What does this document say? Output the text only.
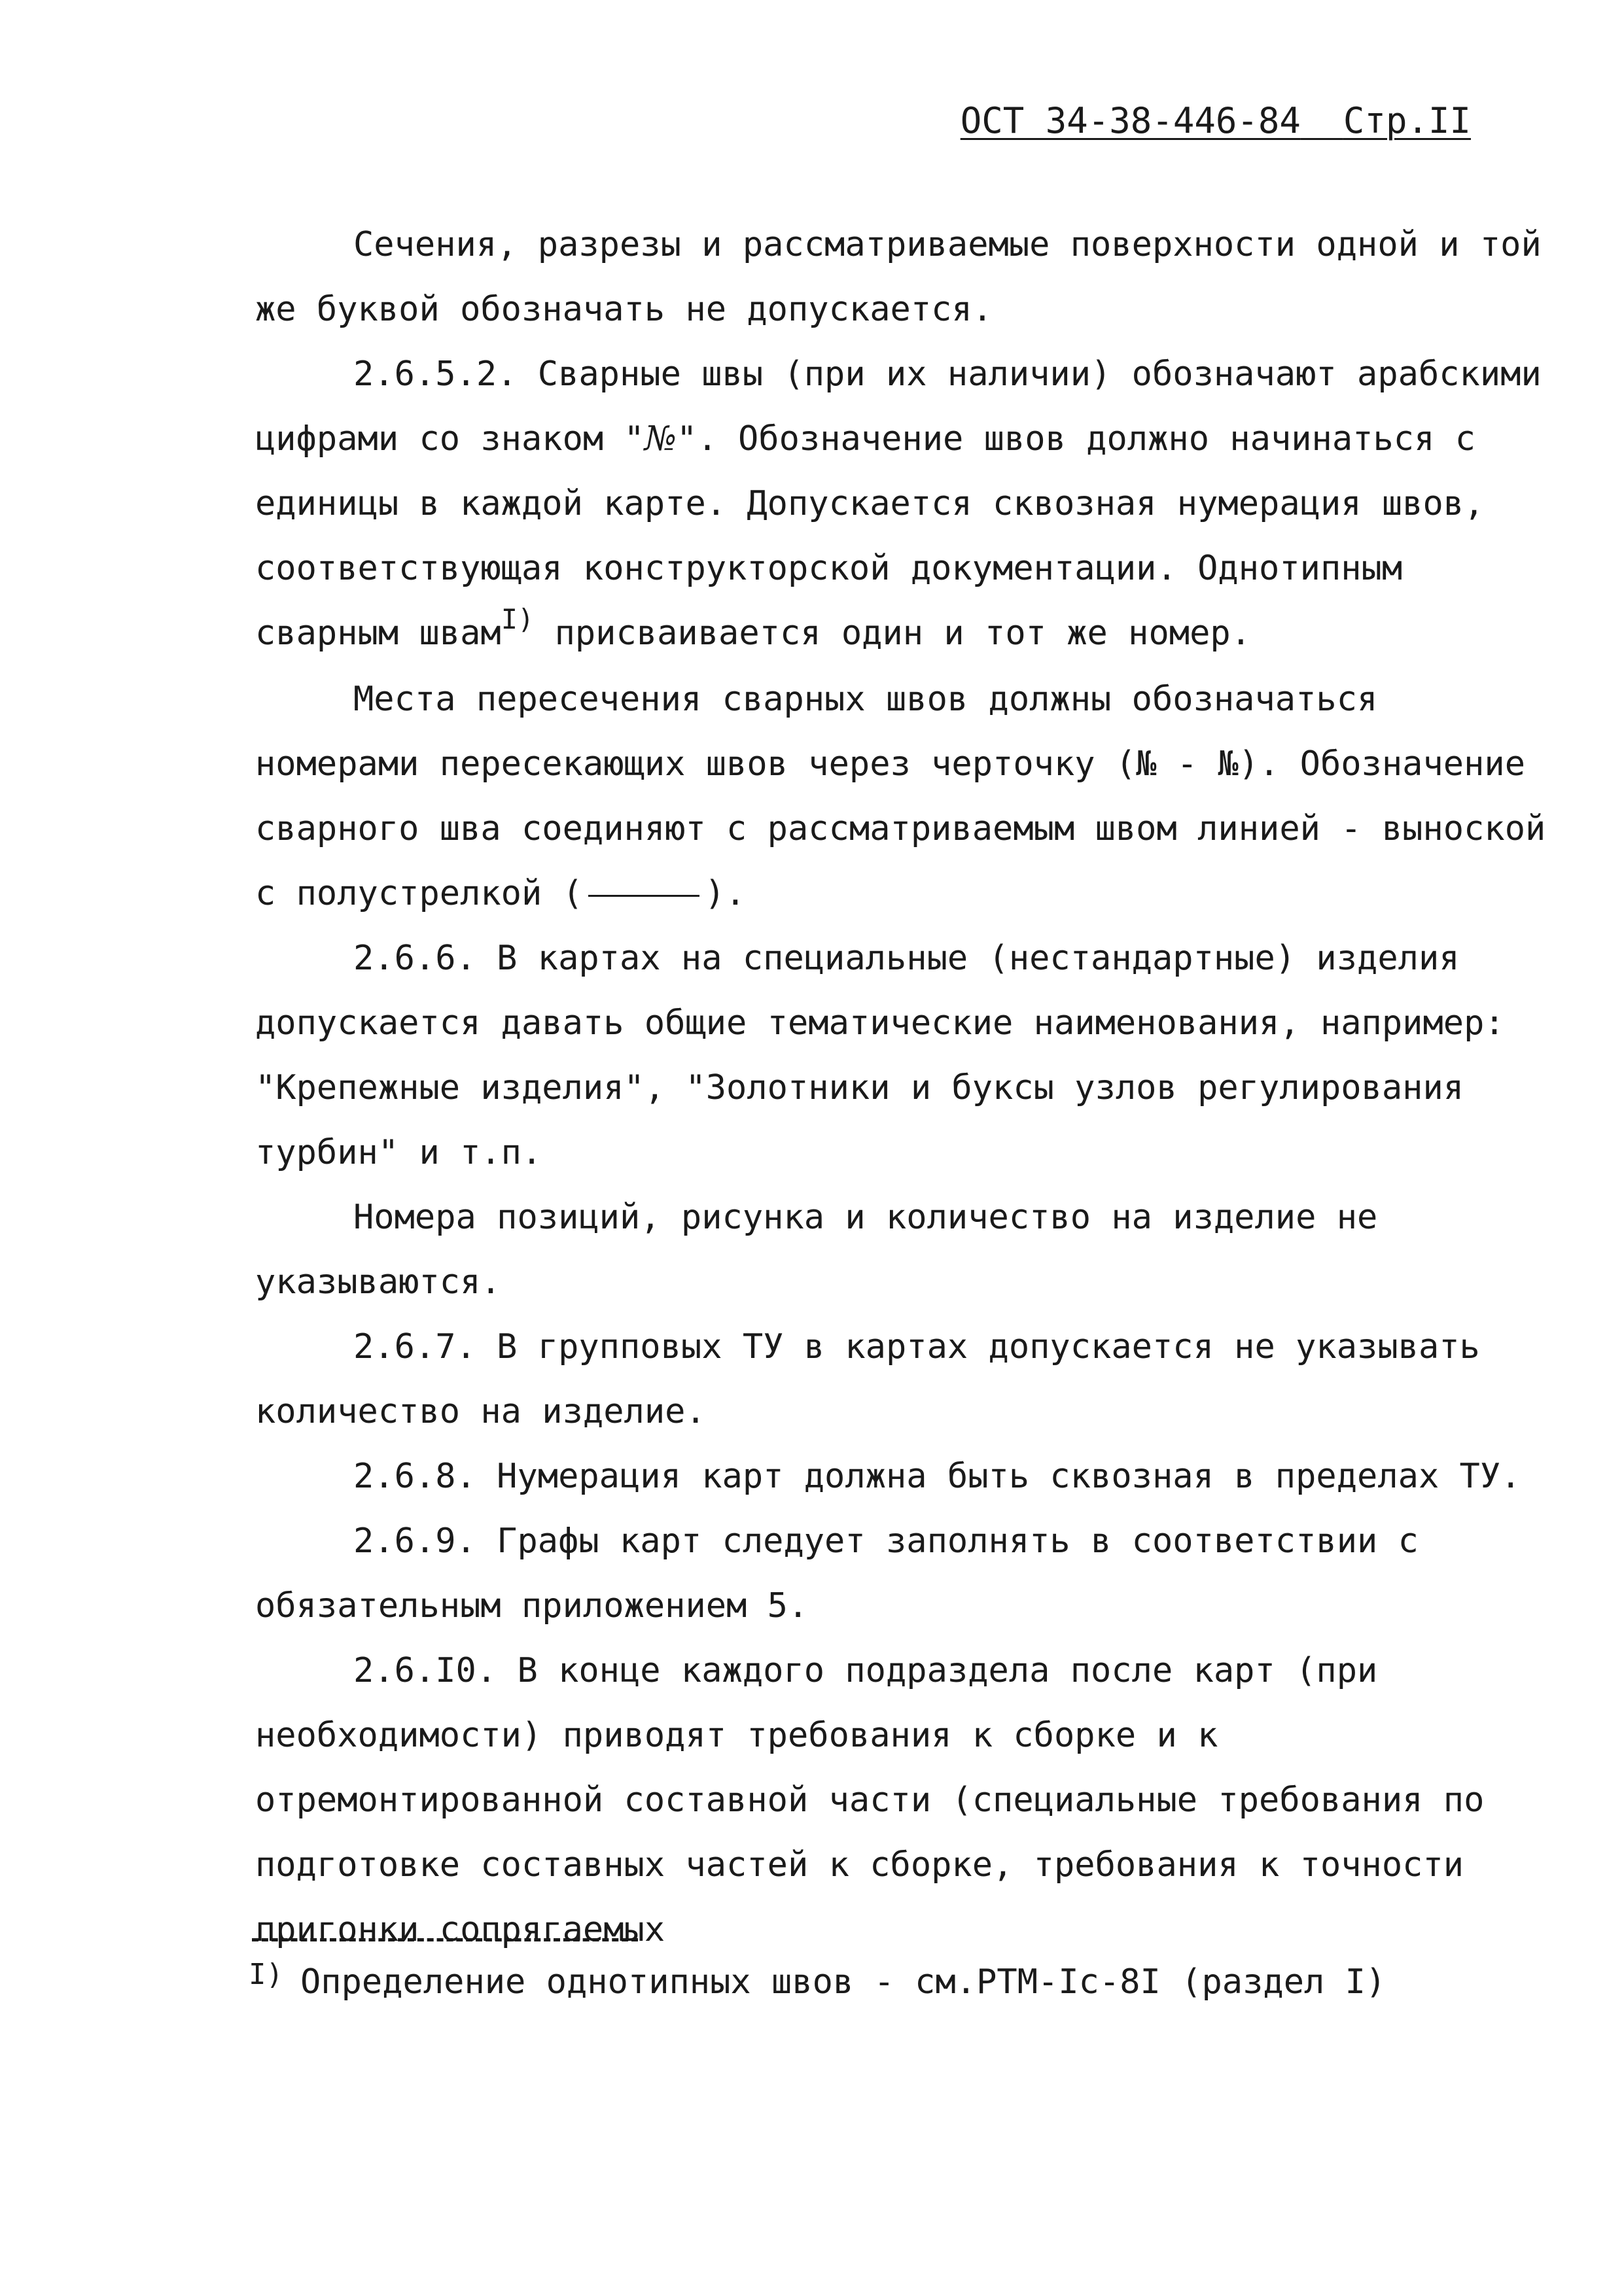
ОСТ 34-38-446-84 Стр.II

Сечения, разрезы и рассматриваемые поверхности одной и той же буквой обозначать не допускается.

2.6.5.2. Сварные швы (при их наличии) обозначают арабскими цифрами со знаком "№". Обозначение швов должно начинаться с единицы в каждой карте. Допускается сквозная нумерация швов, соответствующая конструкторской документации. Однотипным сварным швам$^{I)}$ присваивается один и тот же номер.

Места пересечения сварных швов должны обозначаться номерами пересекающих швов через черточку (№ - №). Обозначение сварного шва соединяют с рассматриваемым швом линией - выноской с полустрелкой (	).

2.6.6. В картах на специальные (нестандартные) изделия допускается давать общие тематические наименования, например: "Крепежные изделия", "Золотники и буксы узлов регулирования турбин" и т.п.

Номера позиций, рисунка и количество на изделие не указываются.

2.6.7. В групповых ТУ в картах допускается не указывать количество на изделие.

2.6.8. Нумерация карт должна быть сквозная в пределах ТУ.

2.6.9. Графы карт следует заполнять в соответствии с обязательным приложением 5.

2.6.I0. В конце каждого подраздела после карт (при необходимости) приводят требования к сборке и к отремонтированной составной части (специальные требования по подготовке составных частей к сборке, требования к точности пригонки сопрягаемых

$^{I)}$ Определение однотипных швов - см.РТМ-Iс-8I (раздел I)
